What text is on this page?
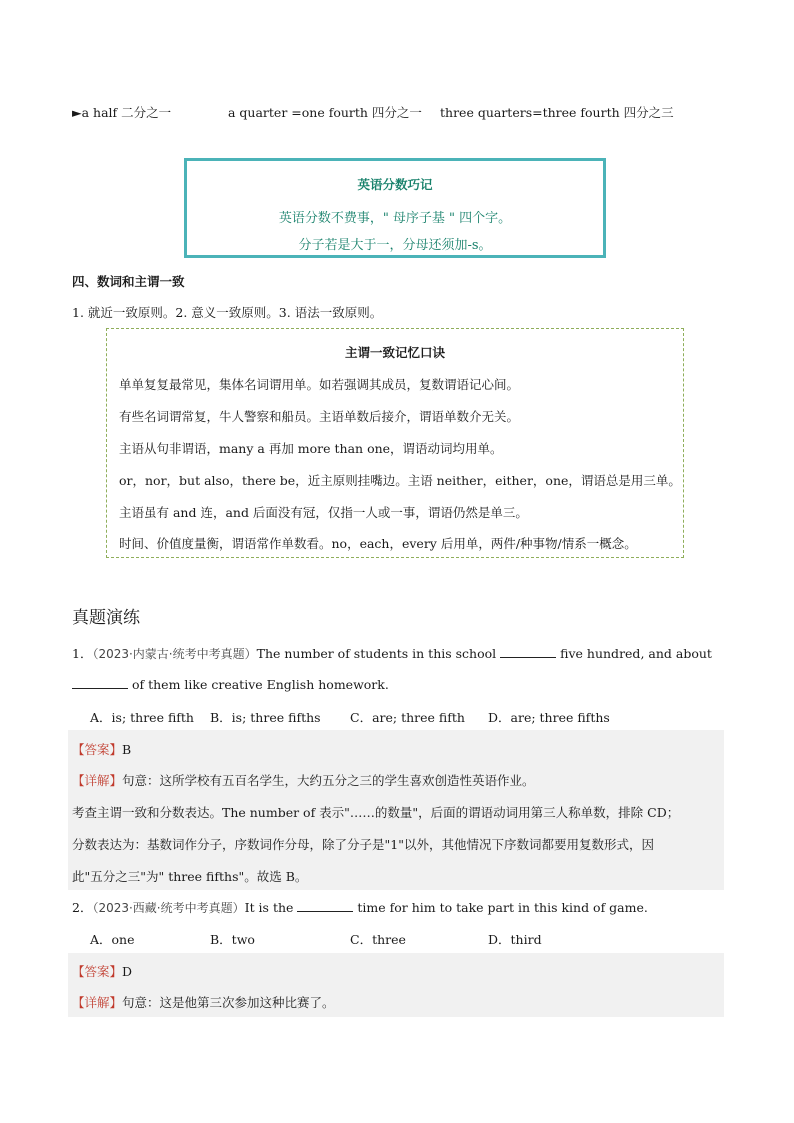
►a half 二分之一	a quarter =one fourth 四分之一 three quarters=three fourth 四分之三
英语分数巧记
英语分数不费事，" 母序子基 " 四个字。
分子若是大于一，分母还须加-s。
四、数词和主谓一致
1. 就近一致原则。2. 意义一致原则。3. 语法一致原则。
主谓一致记忆口诀
单单复复最常见，集体名词谓用单。如若强调其成员，复数谓语记心间。
有些名词谓常复，牛人警察和船员。主语单数后接介，谓语单数介无关。
主语从句非谓语，many a 再加 more than one，谓语动词均用单。
or，nor，but also，there be，近主原则挂嘴边。主语 neither，either，one，谓语总是用三单。
主语虽有 and 连，and 后面没有冠，仅指一人或一事，谓语仍然是单三。
时间、价值度量衡，谓语常作单数看。no，each，every 后用单，两件/种事物/情系一概念。
真题演练
1．（2023·内蒙古·统考中考真题）The number of students in this school	five hundred, and about
of them like creative English homework.
A．is; three fifth B．is; three fifths C．are; three fifth D．are; three fifths
【答案】B
【详解】句意：这所学校有五百名学生，大约五分之三的学生喜欢创造性英语作业。
考查主谓一致和分数表达。The number of 表示"……的数量"，后面的谓语动词用第三人称单数，排除 CD；
分数表达为：基数词作分子，序数词作分母，除了分子是"1"以外，其他情况下序数词都要用复数形式，因
此"五分之三"为" three fifths"。故选 B。
2．（2023·西藏·统考中考真题）It is the	time for him to take part in this kind of game.
A．one	B．two	C．three	D．third
【答案】D
【详解】句意：这是他第三次参加这种比赛了。
